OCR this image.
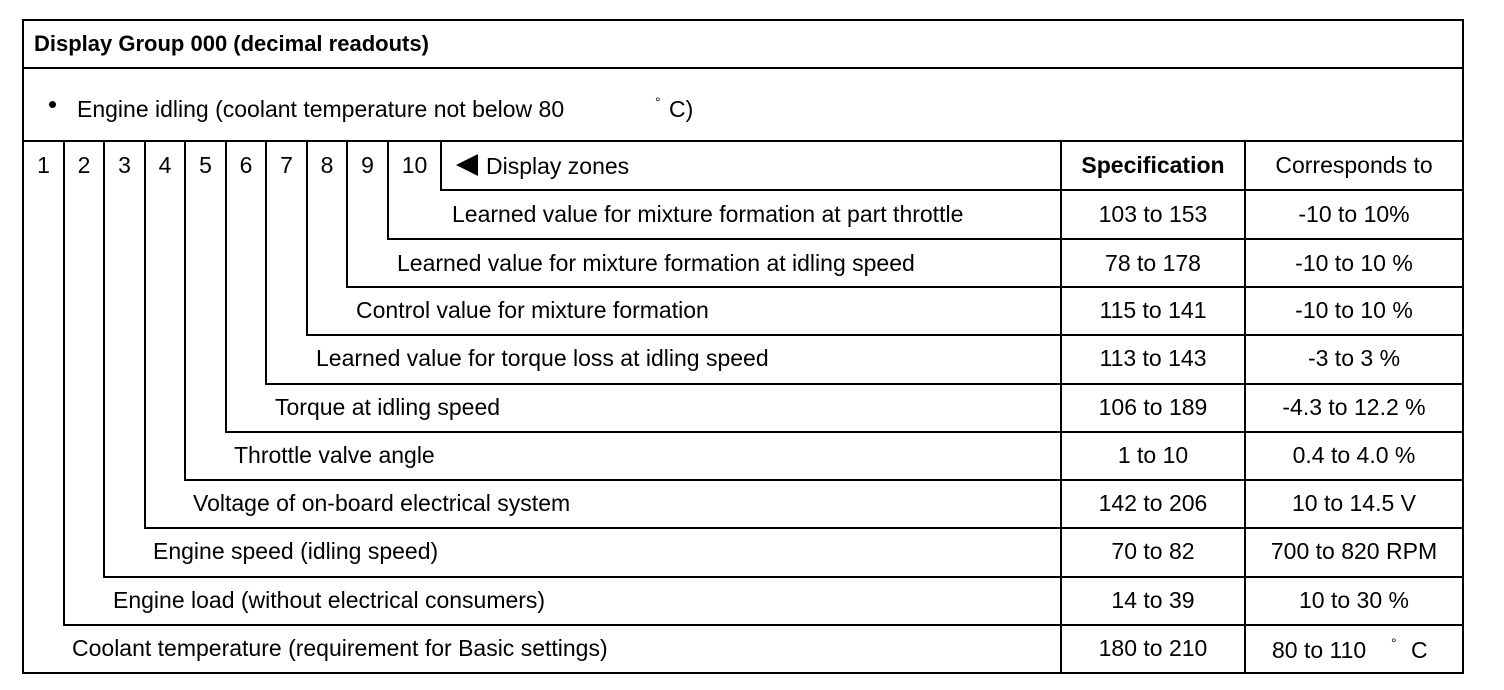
Display Group 000 (decimal readouts)
Engine idling (coolant temperature not below 80	° C)
1	2	3	4	5	6	7	8	9	10	Display zones	Specification	Corresponds to
Learned value for mixture formation at part throttle	103 to 153	-10 to 10%
Learned value for mixture formation at idling speed	78 to 178	-10 to 10 %
Control value for mixture formation	115 to 141	-10 to 10 %
Learned value for torque loss at idling speed	113 to 143	-3 to 3 %
Torque at idling speed	106 to 189	-4.3 to 12.2 %
Throttle valve angle	1 to 10	0.4 to 4.0 %
Voltage of on-board electrical system	142 to 206	10 to 14.5 V
Engine speed (idling speed)	70 to 82	700 to 820 RPM
Engine load (without electrical consumers)	14 to 39	10 to 30 %
Coolant temperature (requirement for Basic settings)	180 to 210	80 to 110 ° C
